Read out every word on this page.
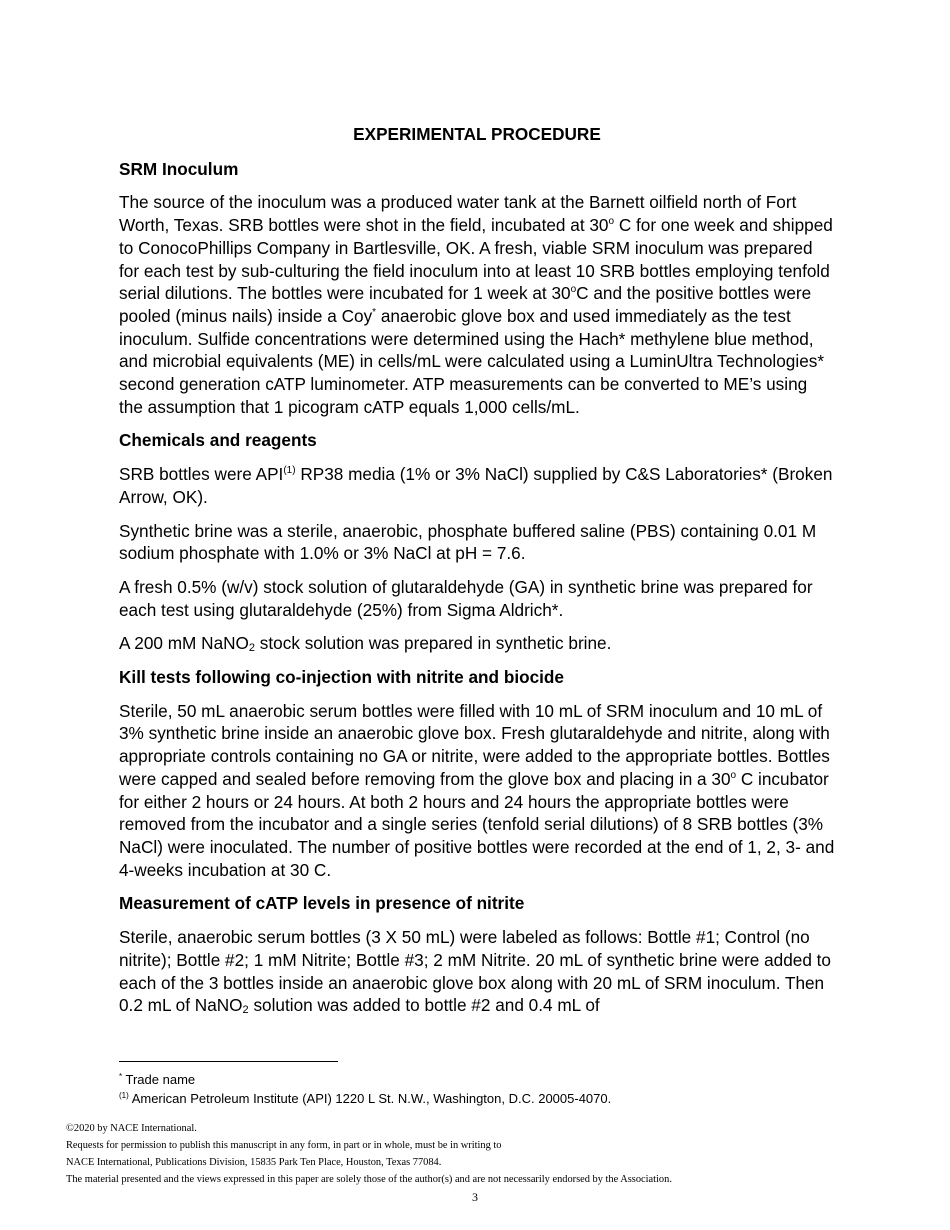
EXPERIMENTAL PROCEDURE
SRM Inoculum
The source of the inoculum was a produced water tank at the Barnett oilfield north of Fort Worth, Texas. SRB bottles were shot in the field, incubated at 30$^o$ C for one week and shipped to ConocoPhillips Company in Bartlesville, OK. A fresh, viable SRM inoculum was prepared for each test by sub-culturing the field inoculum into at least 10 SRB bottles employing tenfold serial dilutions. The bottles were incubated for 1 week at 30$^o$C and the positive bottles were pooled (minus nails) inside a Coy* anaerobic glove box and used immediately as the test inoculum. Sulfide concentrations were determined using the Hach* methylene blue method, and microbial equivalents (ME) in cells/mL were calculated using a LuminUltra Technologies* second generation cATP luminometer. ATP measurements can be converted to ME’s using the assumption that 1 picogram cATP equals 1,000 cells/mL.
Chemicals and reagents
SRB bottles were API$^{(1)}$ RP38 media (1% or 3% NaCl) supplied by C&S Laboratories* (Broken Arrow, OK).
Synthetic brine was a sterile, anaerobic, phosphate buffered saline (PBS) containing 0.01 M sodium phosphate with 1.0% or 3% NaCl at pH = 7.6.
A fresh 0.5% (w/v) stock solution of glutaraldehyde (GA) in synthetic brine was prepared for each test using glutaraldehyde (25%) from Sigma Aldrich*.
A 200 mM NaNO$_2$ stock solution was prepared in synthetic brine.
Kill tests following co-injection with nitrite and biocide
Sterile, 50 mL anaerobic serum bottles were filled with 10 mL of SRM inoculum and 10 mL of 3% synthetic brine inside an anaerobic glove box. Fresh glutaraldehyde and nitrite, along with appropriate controls containing no GA or nitrite, were added to the appropriate bottles. Bottles were capped and sealed before removing from the glove box and placing in a 30$^o$ C incubator for either 2 hours or 24 hours. At both 2 hours and 24 hours the appropriate bottles were removed from the incubator and a single series (tenfold serial dilutions) of 8 SRB bottles (3% NaCl) were inoculated. The number of positive bottles were recorded at the end of 1, 2, 3- and 4-weeks incubation at 30 C.
Measurement of cATP levels in presence of nitrite
Sterile, anaerobic serum bottles (3 X 50 mL) were labeled as follows: Bottle #1; Control (no nitrite); Bottle #2; 1 mM Nitrite; Bottle #3; 2 mM Nitrite. 20 mL of synthetic brine were added to each of the 3 bottles inside an anaerobic glove box along with 20 mL of SRM inoculum. Then 0.2 mL of NaNO$_2$ solution was added to bottle #2 and 0.4 mL of
* Trade name
$^{(1)}$ American Petroleum Institute (API) 1220 L St. N.W., Washington, D.C. 20005-4070.
©2020 by NACE International.
Requests for permission to publish this manuscript in any form, in part or in whole, must be in writing to
NACE International, Publications Division, 15835 Park Ten Place, Houston, Texas 77084.
The material presented and the views expressed in this paper are solely those of the author(s) and are not necessarily endorsed by the Association.
3
